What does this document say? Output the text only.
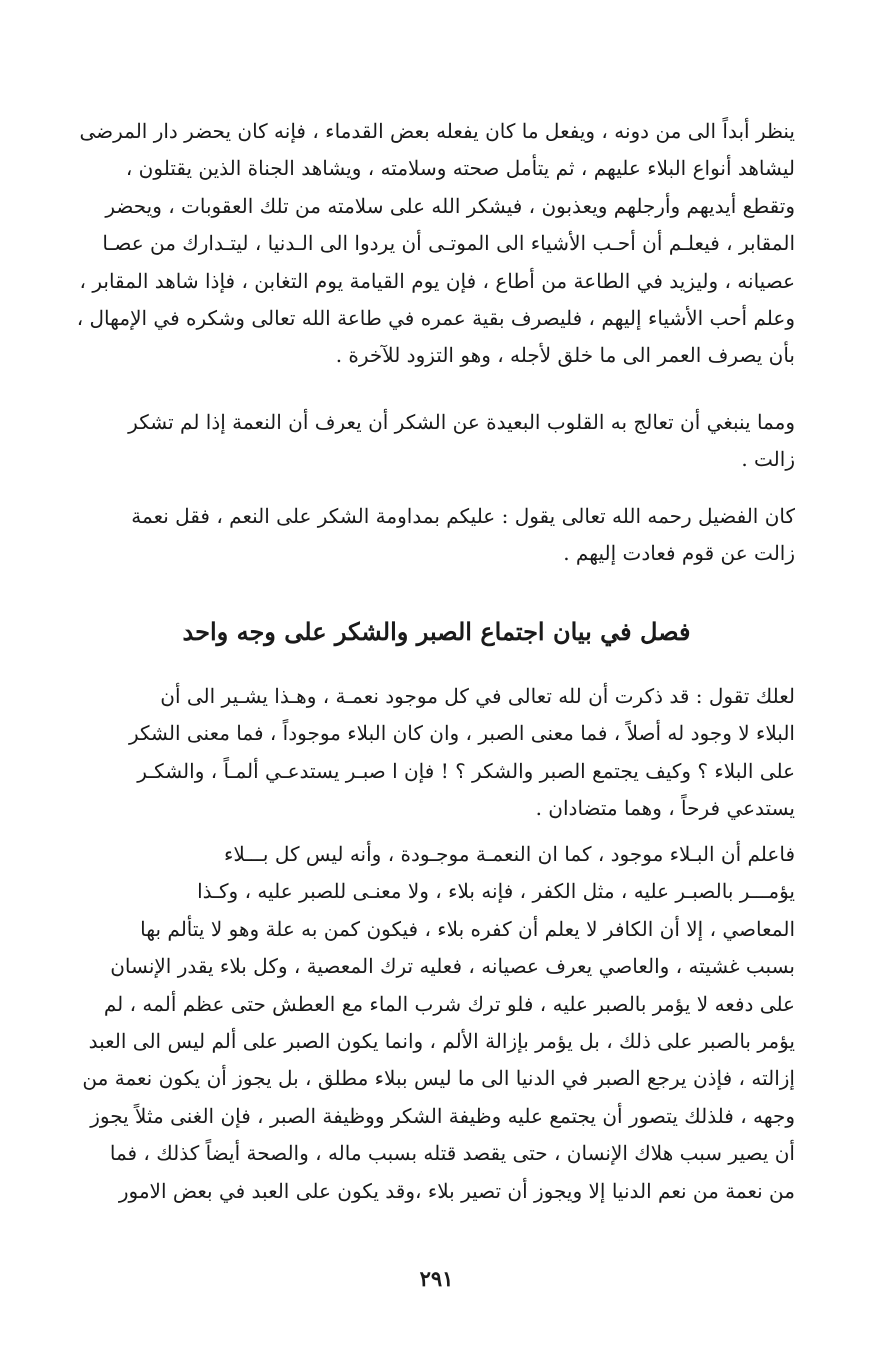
ينظر أبداً الى من دونه ، ويفعل ما كان يفعله بعض القدماء ، فإنه كان يحضر دار المرضى
ليشاهد أنواع البلاء عليهم ، ثم يتأمل صحته وسلامته ، ويشاهد الجناة الذين يقتلون ،
وتقطع أيديهم وأرجلهم ويعذبون ، فيشكر الله على سلامته من تلك العقوبات ، ويحضر
المقابر ، فيعلـم أن أحـب الأشياء الى الموتـى أن يردوا الى الـدنيا ، ليتـدارك من عصـا
عصيانه ، وليزيد في الطاعة من أطاع ، فإن يوم القيامة يوم التغابن ، فإذا شاهد المقابر ،
وعلم أحب الأشياء إليهم ، فليصرف بقية عمره في طاعة الله تعالى وشكره في الإمهال ،
بأن يصرف العمر الى ما خلق لأجله ، وهو التزود للآخرة .
ومما ينبغي أن تعالج به القلوب البعيدة عن الشكر أن يعرف أن النعمة إذا لم تشكر
زالت .
كان الفضيل رحمه الله تعالى يقول : عليكم بمداومة الشكر على النعم ، فقل نعمة
زالت عن قوم فعادت إليهم .
فصل في بيان اجتماع الصبر والشكر على وجه واحد
لعلك تقول : قد ذكرت أن لله تعالى في كل موجود نعمـة ، وهـذا يشـير الى أن
البلاء لا وجود له أصلاً ، فما معنى الصبر ، وان كان البلاء موجوداً ، فما معنى الشكر
على البلاء ؟ وكيف يجتمع الصبر والشكر ؟ ! فإن ا صبـر يستدعـي ألمـاً ، والشكـر
يستدعي فرحاً ، وهما متضادان .
فاعلم أن البـلاء موجود ، كما ان النعمـة موجـودة ، وأنه ليس كل بـــلاء
يؤمـــر بالصبـر عليه ، مثل الكفر ، فإنه بلاء ، ولا معنـى للصبر عليه ، وكـذا
المعاصي ، إلا أن الكافر لا يعلم أن كفره بلاء ، فيكون كمن به علة وهو لا يتألم بها
بسبب غشيته ، والعاصي يعرف عصيانه ، فعليه ترك المعصية ، وكل بلاء يقدر الإنسان
على دفعه لا يؤمر بالصبر عليه ، فلو ترك شرب الماء مع العطش حتى عظم ألمه ، لم
يؤمر بالصبر على ذلك ، بل يؤمر بإزالة الألم ، وانما يكون الصبر على ألم ليس الى العبد
إزالته ، فإذن يرجع الصبر في الدنيا الى ما ليس ببلاء مطلق ، بل يجوز أن يكون نعمة من
وجهه ، فلذلك يتصور أن يجتمع عليه وظيفة الشكر ووظيفة الصبر ، فإن الغنى مثلاً يجوز
أن يصير سبب هلاك الإنسان ، حتى يقصد قتله بسبب ماله ، والصحة أيضاً كذلك ، فما
من نعمة من نعم الدنيا إلا ويجوز أن تصير بلاء ،وقد يكون على العبد في بعض الامور
٢٩١
